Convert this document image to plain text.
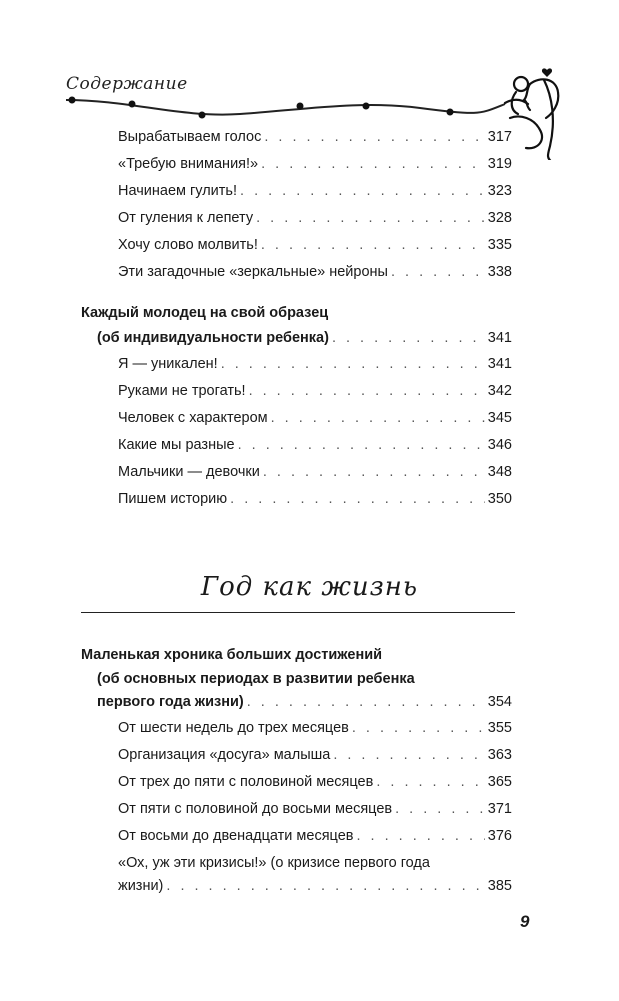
Содержание
Вырабатываем голос . . .	317
«Требую внимания!» . . .	319
Начинаем гулить! . . .	323
От гуления к лепету . . .	328
Хочу слово молвить! . . .	335
Эти загадочные «зеркальные» нейроны . . .	338
Каждый молодец на свой образец
(об индивидуальности ребенка) . . .	341
Я — уникален! . . .	341
Руками не трогать! . . .	342
Человек с характером . . .	345
Какие мы разные . . .	346
Мальчики — девочки . . .	348
Пишем историю . . .	350
Год как жизнь
Маленькая хроника больших достижений
(об основных периодах в развитии ребенка
первого года жизни) . . .	354
От шести недель до трех месяцев . . .	355
Организация «досуга» малыша . . .	363
От трех до пяти с половиной месяцев . . .	365
От пяти с половиной до восьми месяцев . . .	371
От восьми до двенадцати месяцев . . .	376
«Ох, уж эти кризисы!» (о кризисе первого года
жизни) . . .	385
9
